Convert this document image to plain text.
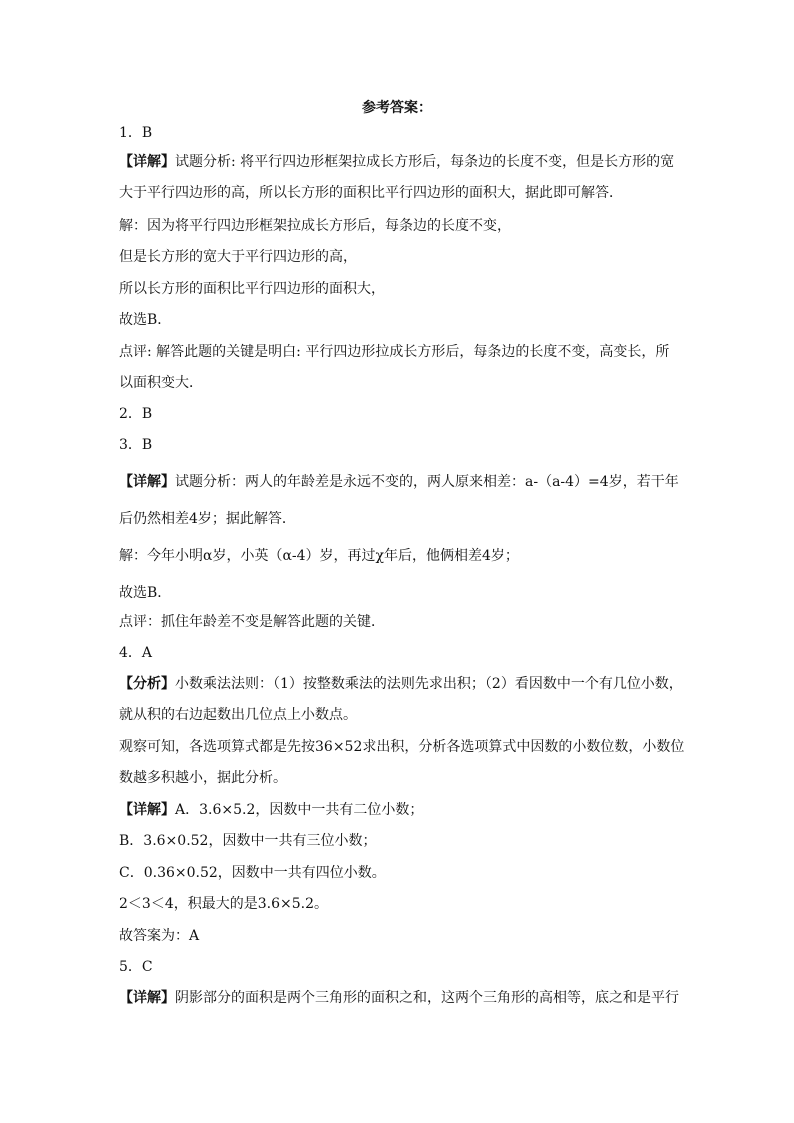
参考答案：
1．B
【详解】试题分析: 将平行四边形框架拉成长方形后，每条边的长度不变，但是长方形的宽
大于平行四边形的高，所以长方形的面积比平行四边形的面积大，据此即可解答．
解：因为将平行四边形框架拉成长方形后，每条边的长度不变，
但是长方形的宽大于平行四边形的高，
所以长方形的面积比平行四边形的面积大，
故选B．
点评: 解答此题的关键是明白: 平行四边形拉成长方形后，每条边的长度不变，高变长，所
以面积变大．
2．B
3．B
【详解】试题分析：两人的年龄差是永远不变的，两人原来相差：a-（a-4）=4岁，若干年
后仍然相差4岁；据此解答．
解：今年小明α岁，小英（α-4）岁，再过χ年后，他俩相差4岁；
故选B．
点评：抓住年龄差不变是解答此题的关键．
4．A
【分析】小数乘法法则：（1）按整数乘法的法则先求出积；（2）看因数中一个有几位小数，
就从积的右边起数出几位点上小数点。
观察可知，各选项算式都是先按36×52求出积，分析各选项算式中因数的小数位数，小数位
数越多积越小，据此分析。
【详解】A．3.6×5.2，因数中一共有二位小数；
B．3.6×0.52，因数中一共有三位小数；
C．0.36×0.52，因数中一共有四位小数。
2＜3＜4，积最大的是3.6×5.2。
故答案为：A
5．C
【详解】阴影部分的面积是两个三角形的面积之和，这两个三角形的高相等，底之和是平行
